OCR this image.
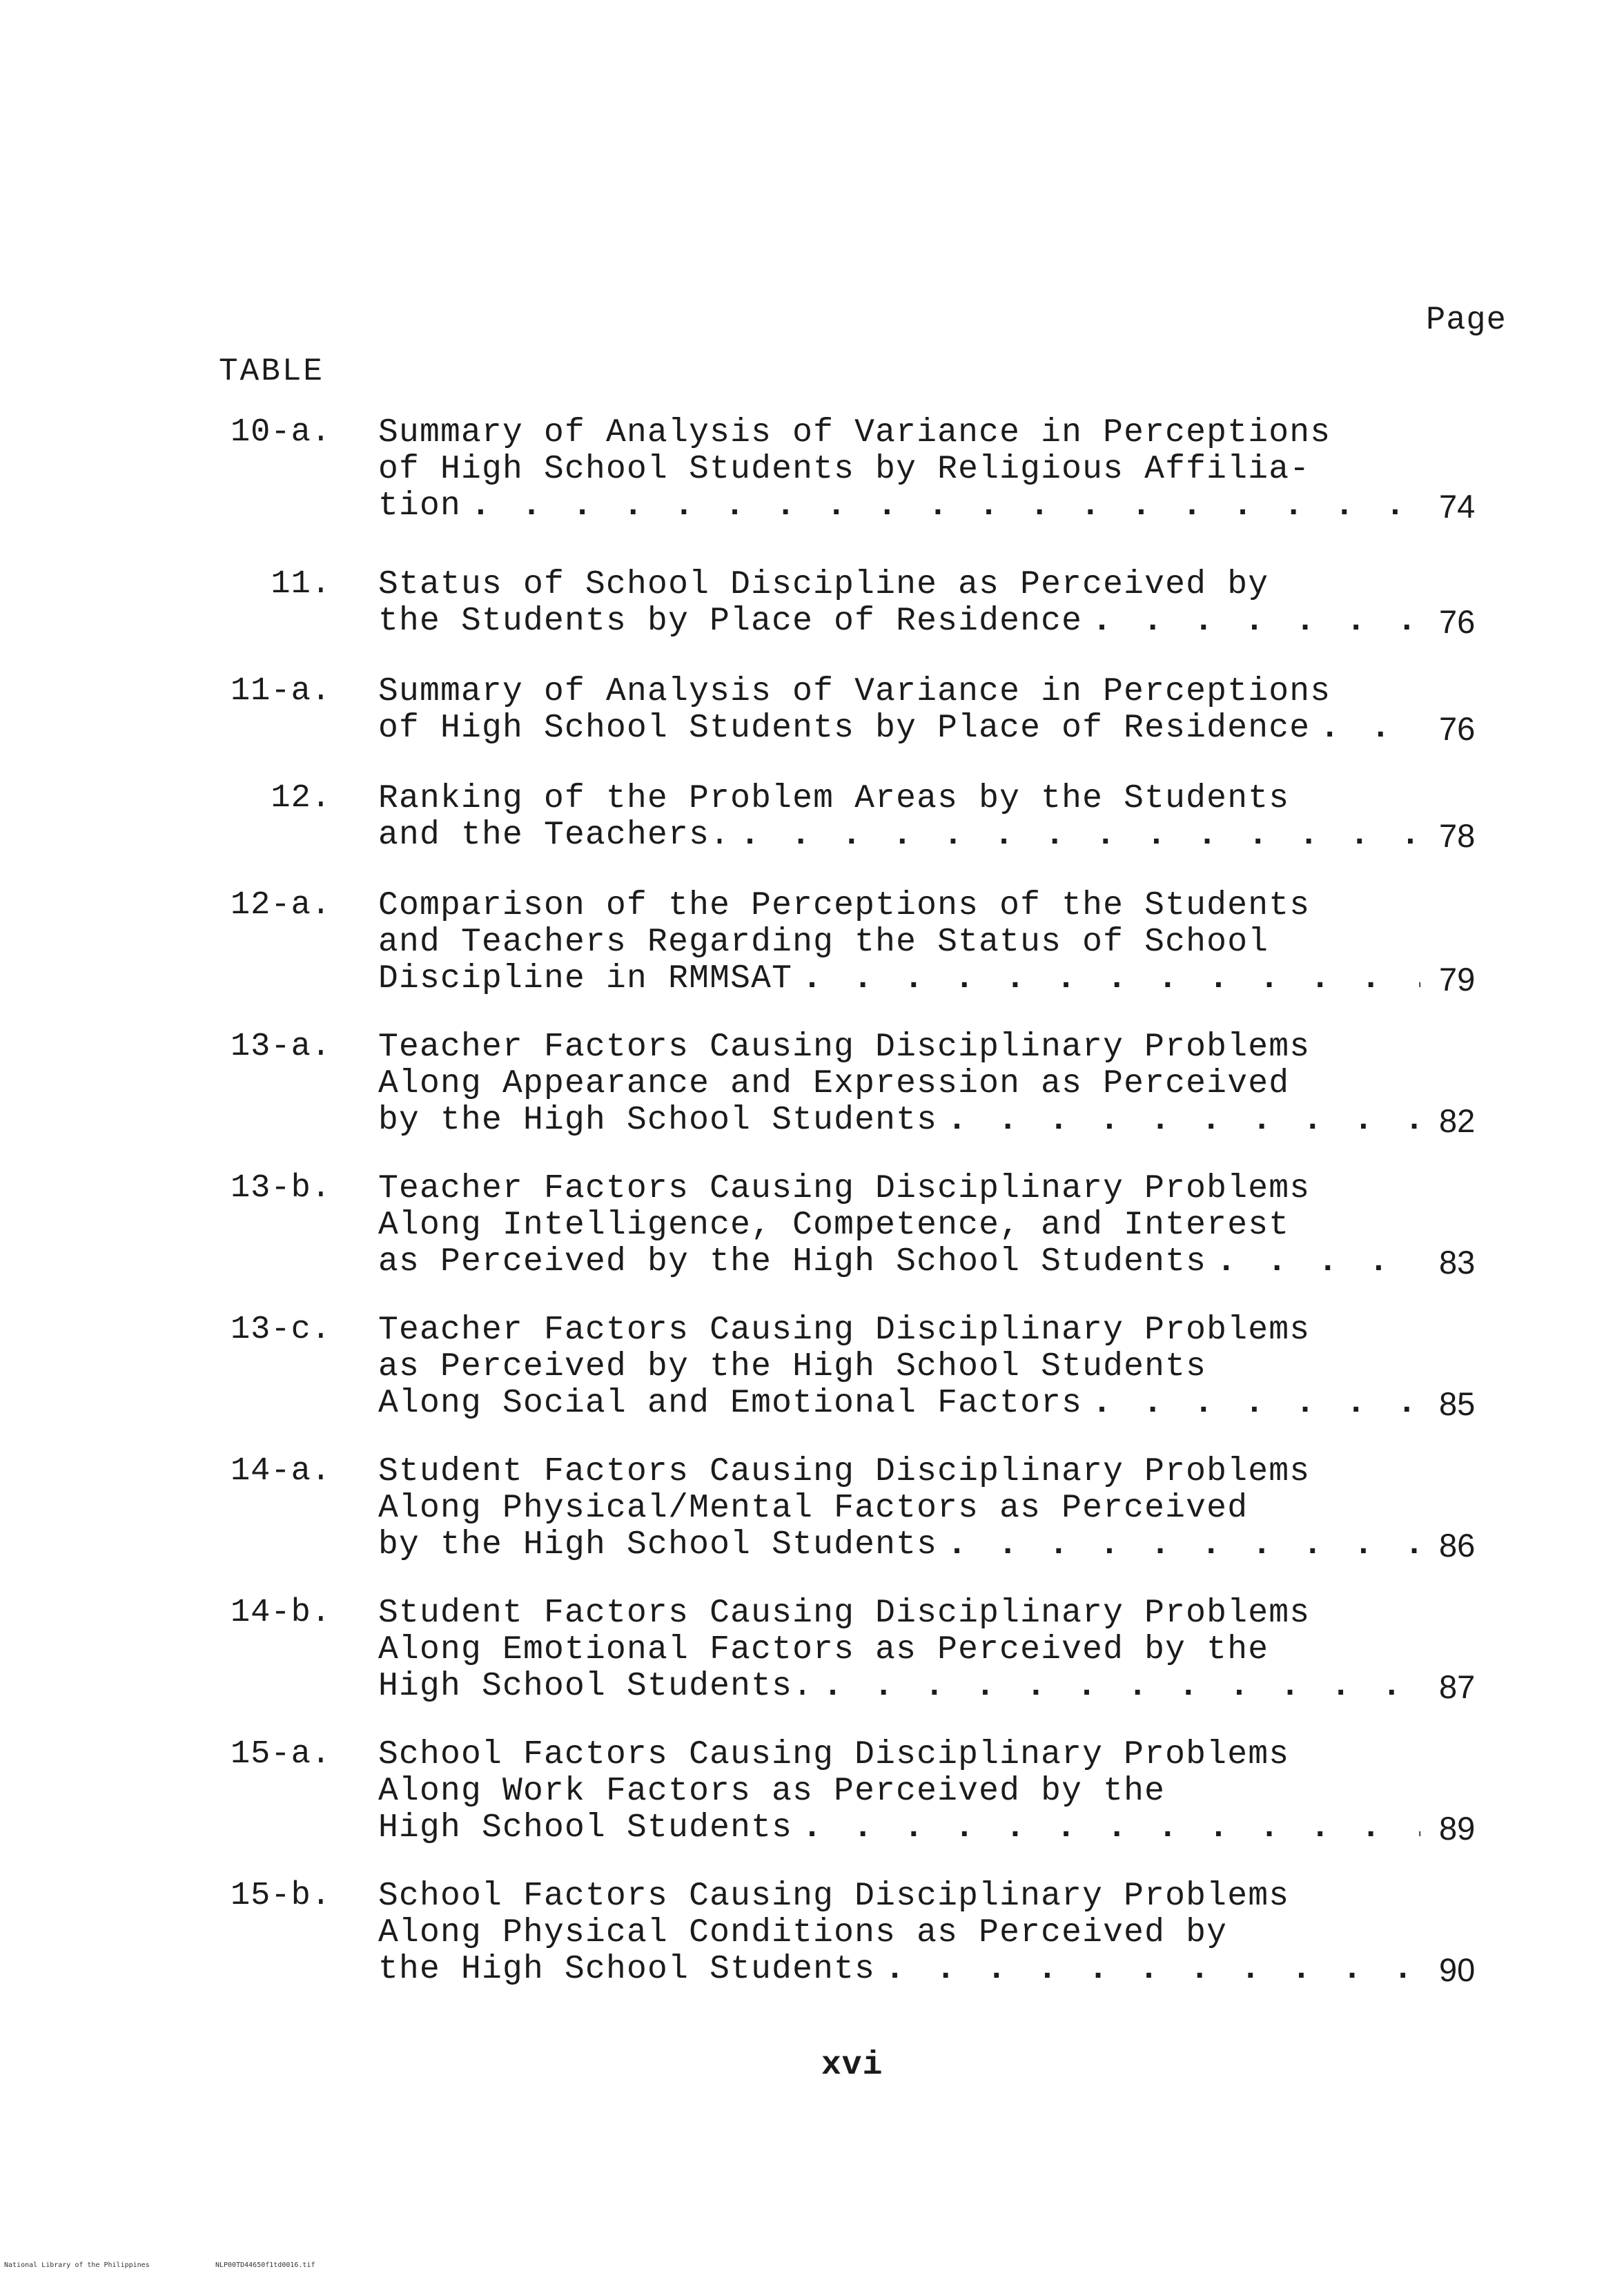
Page
TABLE
10-a. Summary of Analysis of Variance in Perceptions
of High School Students by Religious Affilia-
tion . . .	74
11. Status of School Discipline as Perceived by
the Students by Place of Residence . . .	76
11-a. Summary of Analysis of Variance in Perceptions
of High School Students by Place of Residence . . .	76
12. Ranking of the Problem Areas by the Students
and the Teachers. . . .	78
12-a. Comparison of the Perceptions of the Students
and Teachers Regarding the Status of School
Discipline in RMMSAT . . .	79
13-a. Teacher Factors Causing Disciplinary Problems
Along Appearance and Expression as Perceived
by the High School Students . . .	82
13-b. Teacher Factors Causing Disciplinary Problems
Along Intelligence, Competence, and Interest
as Perceived by the High School Students . . .	83
13-c. Teacher Factors Causing Disciplinary Problems
as Perceived by the High School Students
Along Social and Emotional Factors . . .	85
14-a. Student Factors Causing Disciplinary Problems
Along Physical/Mental Factors as Perceived
by the High School Students . . .	86
14-b. Student Factors Causing Disciplinary Problems
Along Emotional Factors as Perceived by the
High School Students. . . .	87
15-a. School Factors Causing Disciplinary Problems
Along Work Factors as Perceived by the
High School Students . . .	89
15-b. School Factors Causing Disciplinary Problems
Along Physical Conditions as Perceived by
the High School Students . . .	90
xvi
National Library of the Philippines	NLP00TD44650f1td0016.tif
